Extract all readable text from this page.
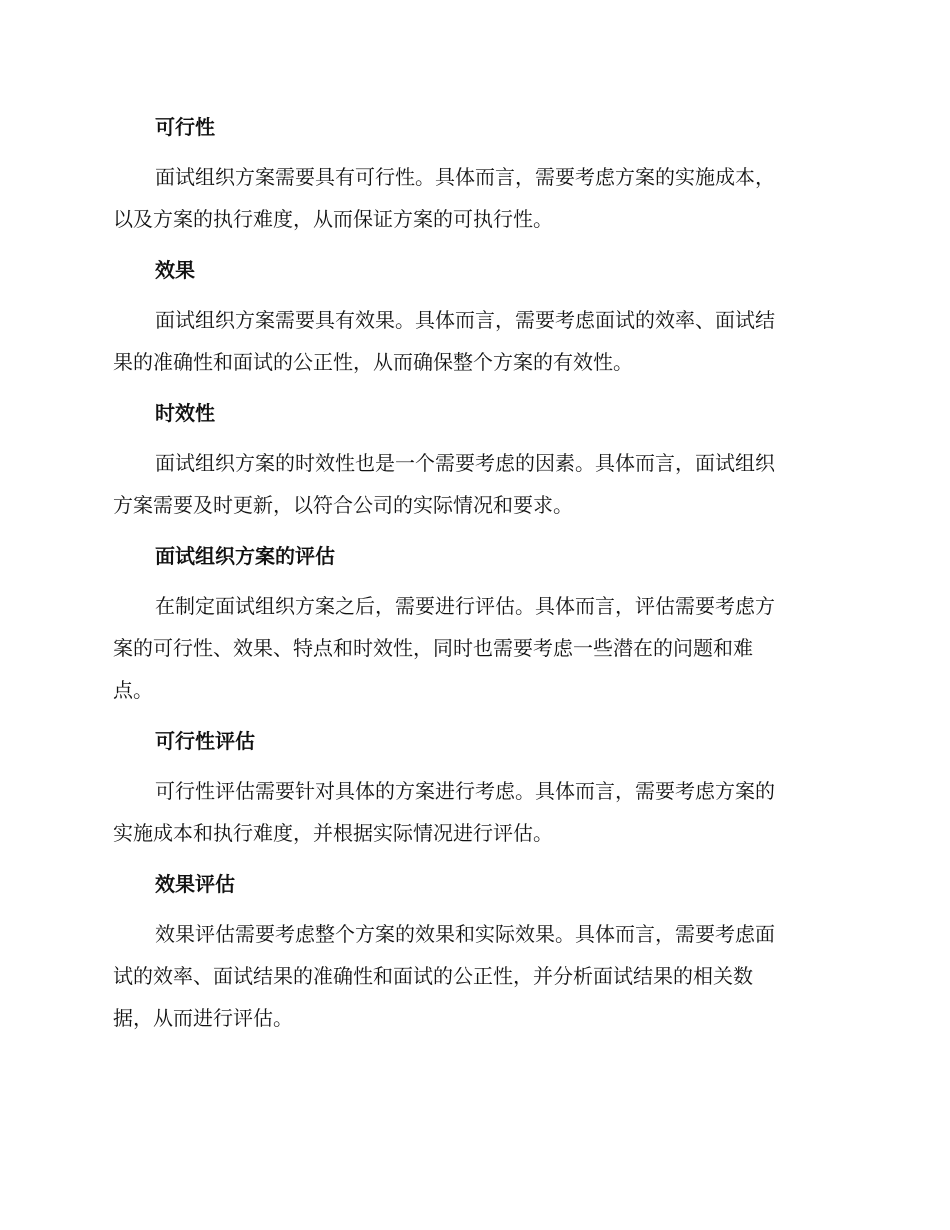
可行性

面试组织方案需要具有可行性。具体而言，需要考虑方案的实施成本，
以及方案的执行难度，从而保证方案的可执行性。

效果

面试组织方案需要具有效果。具体而言，需要考虑面试的效率、面试结
果的准确性和面试的公正性，从而确保整个方案的有效性。

时效性

面试组织方案的时效性也是一个需要考虑的因素。具体而言，面试组织
方案需要及时更新，以符合公司的实际情况和要求。

面试组织方案的评估

在制定面试组织方案之后，需要进行评估。具体而言，评估需要考虑方
案的可行性、效果、特点和时效性，同时也需要考虑一些潜在的问题和难
点。

可行性评估

可行性评估需要针对具体的方案进行考虑。具体而言，需要考虑方案的
实施成本和执行难度，并根据实际情况进行评估。

效果评估

效果评估需要考虑整个方案的效果和实际效果。具体而言，需要考虑面
试的效率、面试结果的准确性和面试的公正性，并分析面试结果的相关数
据，从而进行评估。
